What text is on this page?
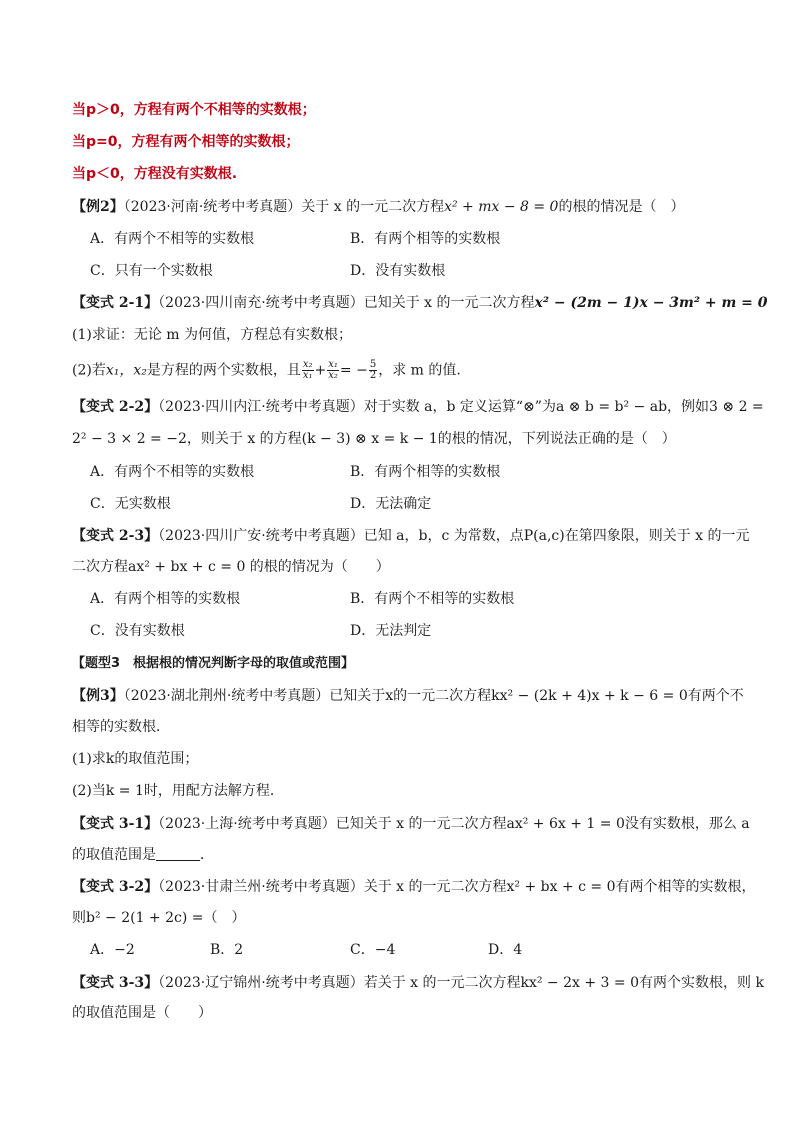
当p＞0，方程有两个不相等的实数根；
当p=0，方程有两个相等的实数根；
当p＜0，方程没有实数根.
【例2】（2023·河南·统考中考真题）关于 x 的一元二次方程x² + mx − 8 = 0的根的情况是（　）
A．有两个不相等的实数根	B．有两个相等的实数根
C．只有一个实数根	D．没有实数根
【变式 2-1】（2023·四川南充·统考中考真题）已知关于 x 的一元二次方程x² − (2m − 1)x − 3m² + m = 0
(1)求证：无论 m 为何值，方程总有实数根；
(2)若x₁，x₂是方程的两个实数根，且 $\frac{\text{x₂}}{\text{x₁}} + \frac{\text{x₁}}{\text{x₂}}$ = − $\frac{5}{2}$ ，求 m 的值.
【变式 2-2】（2023·四川内江·统考中考真题）对于实数 a，b 定义运算“⊗”为a ⊗ b = b² − ab，例如3 ⊗ 2 =
2² − 3 × 2 = −2，则关于 x 的方程(k − 3) ⊗ x = k − 1的根的情况，下列说法正确的是（　）
A．有两个不相等的实数根	B．有两个相等的实数根
C．无实数根	D．无法确定
【变式 2-3】（2023·四川广安·统考中考真题）已知 a，b，c 为常数，点P(a,c)在第四象限，则关于 x 的一元
二次方程ax² + bx + c = 0 的根的情况为（　　）
A．有两个相等的实数根	B．有两个不相等的实数根
C．没有实数根	D．无法判定
【题型3　根据根的情况判断字母的取值或范围】
【例3】（2023·湖北荆州·统考中考真题）已知关于x的一元二次方程kx² − (2k + 4)x + k − 6 = 0有两个不
相等的实数根．
(1)求k的取值范围；
(2)当k = 1时，用配方法解方程．
【变式 3-1】（2023·上海·统考中考真题）已知关于 x 的一元二次方程ax² + 6x + 1 = 0没有实数根，那么 a
的取值范围是	．
【变式 3-2】（2023·甘肃兰州·统考中考真题）关于 x 的一元二次方程x² + bx + c = 0有两个相等的实数根，
则b² − 2(1 + 2c) =（　）
A．−2	B．2	C．−4	D．4
【变式 3-3】（2023·辽宁锦州·统考中考真题）若关于 x 的一元二次方程kx² − 2x + 3 = 0有两个实数根，则 k
的取值范围是（　　）
